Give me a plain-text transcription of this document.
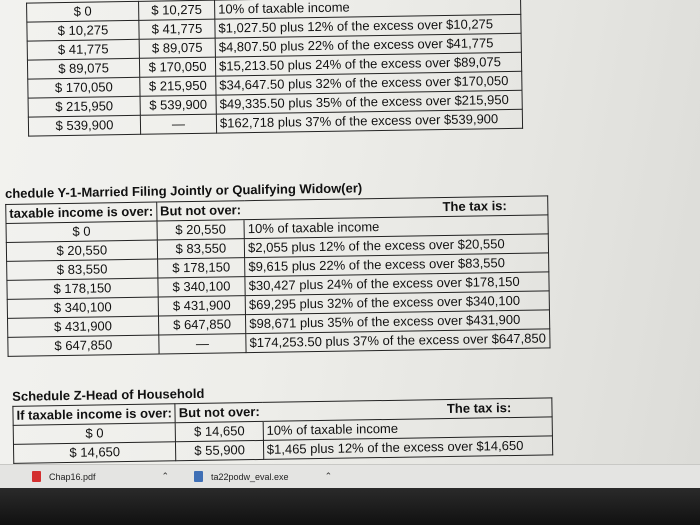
$ 0	$ 10,275	10% of taxable income
$ 10,275	$ 41,775	$1,027.50 plus 12% of the excess over $10,275
$ 41,775	$ 89,075	$4,807.50 plus 22% of the excess over $41,775
$ 89,075	$ 170,050	$15,213.50 plus 24% of the excess over $89,075
$ 170,050	$ 215,950	$34,647.50 plus 32% of the excess over $170,050
$ 215,950	$ 539,900	$49,335.50 plus 35% of the excess over $215,950
$ 539,900	—	$162,718 plus 37% of the excess over $539,900
chedule Y-1-Married Filing Jointly or Qualifying Widow(er)
taxable income is over:	But not over:	The tax is:
$ 0	$ 20,550	10% of taxable income
$ 20,550	$ 83,550	$2,055 plus 12% of the excess over $20,550
$ 83,550	$ 178,150	$9,615 plus 22% of the excess over $83,550
$ 178,150	$ 340,100	$30,427 plus 24% of the excess over $178,150
$ 340,100	$ 431,900	$69,295 plus 32% of the excess over $340,100
$ 431,900	$ 647,850	$98,671 plus 35% of the excess over $431,900
$ 647,850	—	$174,253.50 plus 37% of the excess over $647,850
Schedule Z-Head of Household
If taxable income is over:	But not over:	The tax is:
$ 0	$ 14,650	10% of taxable income
$ 14,650	$ 55,900	$1,465 plus 12% of the excess over $14,650
Chap16.pdf	⌃	ta22podw_eval.exe	⌃
